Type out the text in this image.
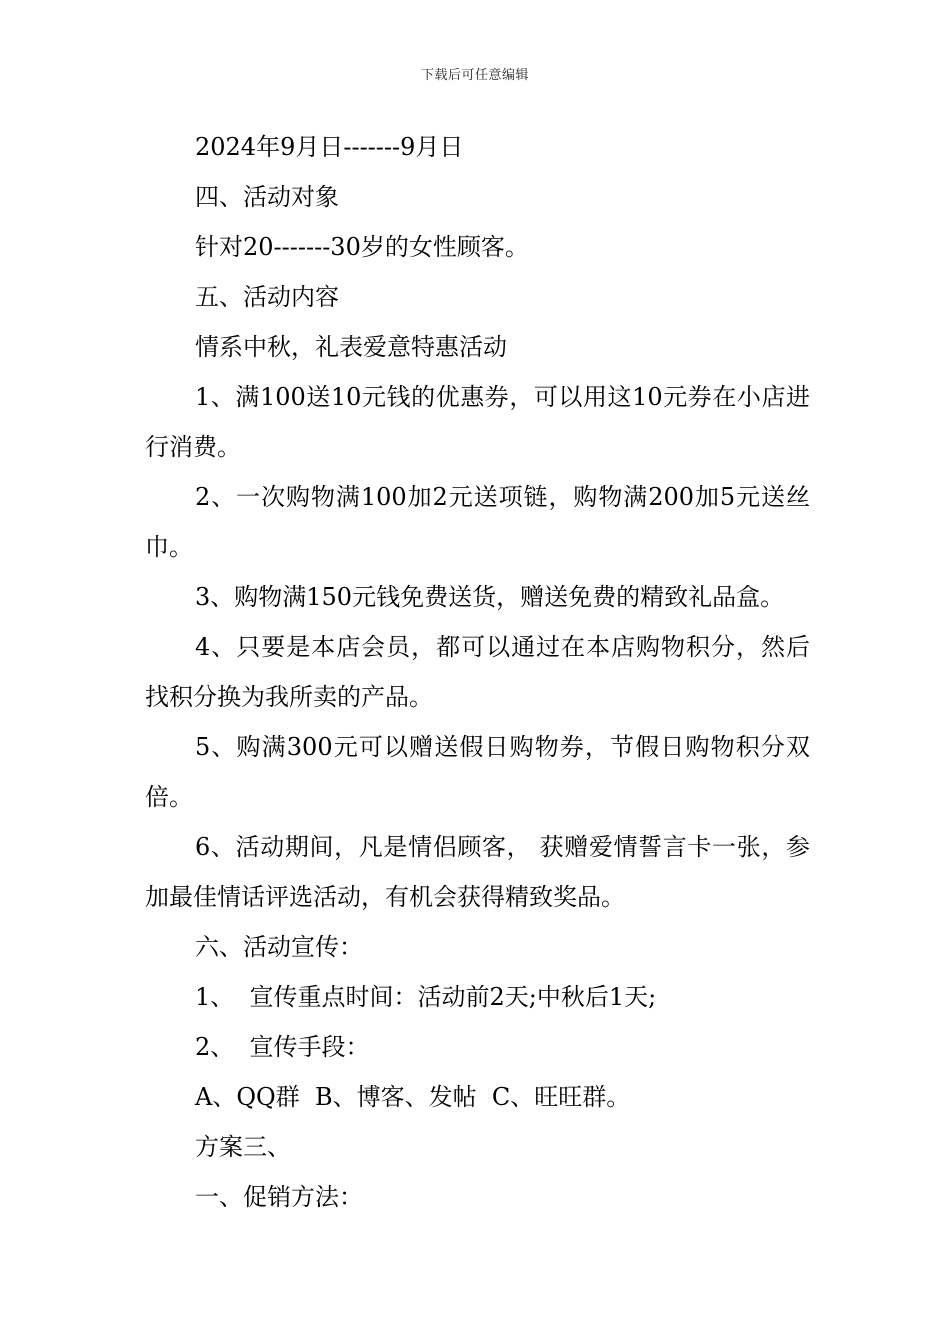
下载后可任意编辑

2024年9月日-------9月日

四、活动对象

针对20-------30岁的女性顾客。

五、活动内容

情系中秋，礼表爱意特惠活动

1、满100送10元钱的优惠券，可以用这10元券在小店进行消费。

2、一次购物满100加2元送项链，购物满200加5元送丝巾。

3、购物满150元钱免费送货，赠送免费的精致礼品盒。

4、只要是本店会员，都可以通过在本店购物积分，然后找积分换为我所卖的产品。

5、购满300元可以赠送假日购物券，节假日购物积分双倍。

6、活动期间，凡是情侣顾客， 获赠爱情誓言卡一张，参加最佳情话评选活动，有机会获得精致奖品。

六、活动宣传：

1、  宣传重点时间：活动前2天;中秋后1天;

2、  宣传手段：

A、QQ群  B、博客、发帖  C、旺旺群。

方案三、

一、促销方法：
